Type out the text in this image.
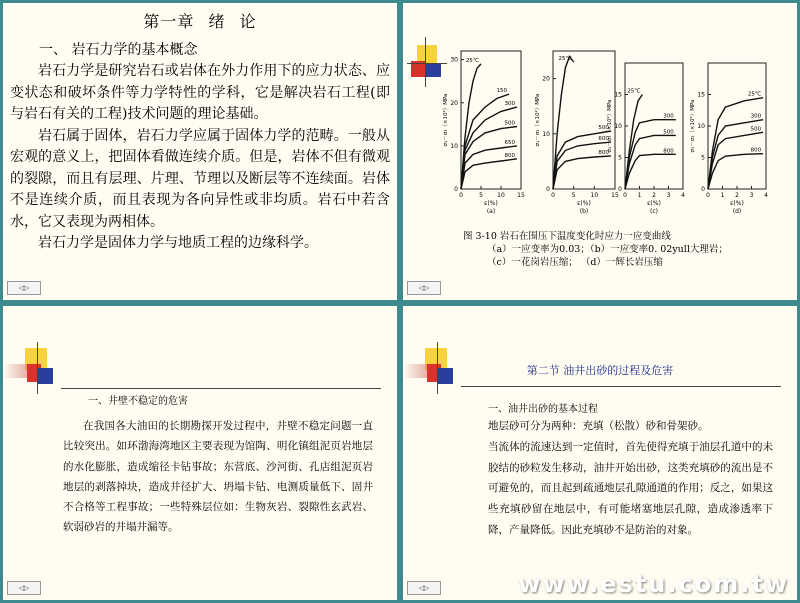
第一章 绪 论
一、 岩石力学的基本概念

岩石力学是研究岩石或岩体在外力作用下的应力状态、应变状态和破坏条件等力学特性的学科，它是解决岩石工程(即与岩石有关的工程)技术问题的理论基础。

岩石属于固体，岩石力学应属于固体力学的范畴。一般从宏观的意义上，把固体看做连续介质。但是，岩体不但有微观的裂隙，而且有层理、片理、节理以及断层等不连续面。岩体不是连续介质，而且表现为各向异性或非均质。岩石中若含水，它又表现为两相体。

岩石力学是固体力学与地质工程的边缘科学。

◁▷
0	5 10 15
0
10
20
30
σ₁－σ₃（×10²）MPa
ε(%)
(a)
25℃
150
300
500
650
800
0	5 10 15
0
10
20
σ₁－σ₃（×10²）MPa
ε(%)
(b)
25℃
500
600
800
0 1 2 3 4
0
5
10
15
σ₁－σ₃（×10²）MPa
ε(%)
(c)
25℃
300
500
800
0 1 2 3 4
0
5
10
15
σ₁－σ₃（×10²）MPa
ε(%)
(d)
25℃
300
500
800
图 3-10 岩石在围压下温度变化时应力一应变曲线
（a）一应变率为0.03；（b）一应变率0. 02yull大理岩；
（c）一花岗岩压缩； （d）一辉长岩压缩
◁▷
一、井壁不稳定的危害

在我国各大油田的长期勘探开发过程中，井壁不稳定问题一直比较突出。如环渤海湾地区主要表现为馆陶、明化镇组泥页岩地层的水化膨胀，造成缩径卡钻事故；东营底、沙河街、孔店组泥页岩地层的剥落掉块，造成井径扩大、坍塌卡钻、电测质量低下、固井不合格等工程事故；一些特殊层位如：生物灰岩、裂隙性玄武岩、软弱砂岩的井塌井漏等。

◁▷
第二节 油井出砂的过程及危害
一、油井出砂的基本过程

地层砂可分为两种：充填（松散）砂和骨架砂。

当流体的流速达到一定值时，首先使得充填于油层孔道中的未胶结的砂粒发生移动，油井开始出砂，这类充填砂的流出是不可避免的，而且起到疏通地层孔隙通道的作用；反之，如果这些充填砂留在地层中，有可能堵塞地层孔隙，造成渗透率下降，产量降低。因此充填砂不是防治的对象。

www.estu.com.tw
◁▷
